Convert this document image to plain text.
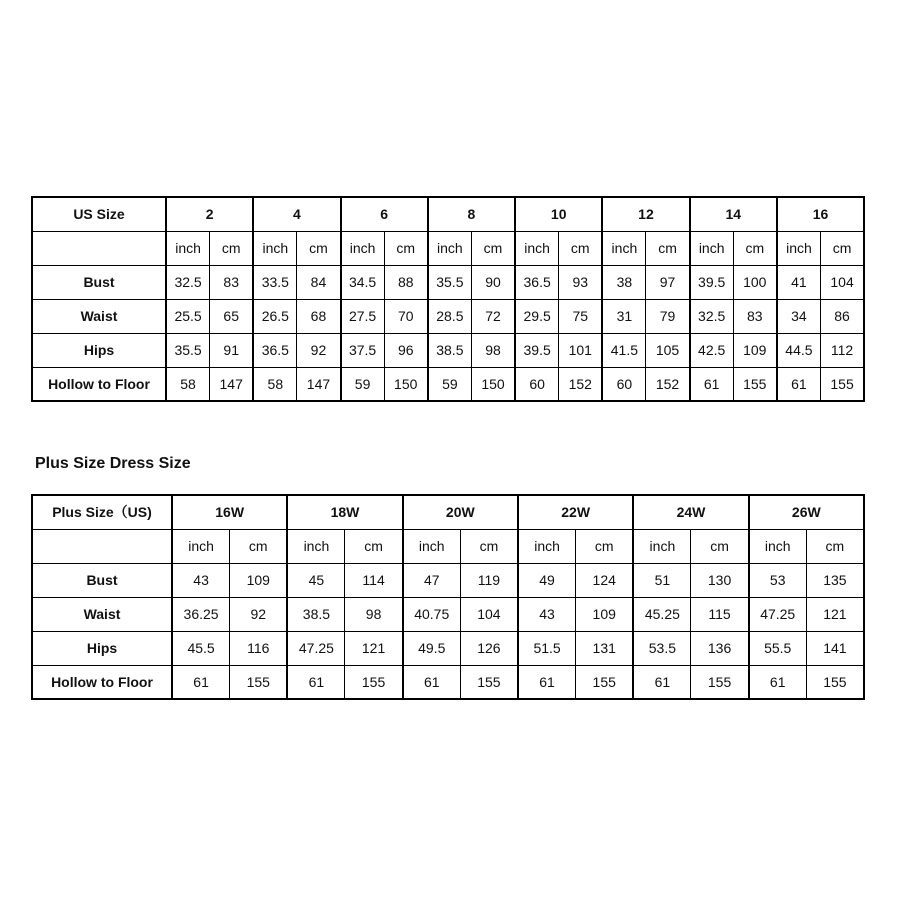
US Size	2		4		6		8		10		12		14		16	
	inch	cm	inch	cm	inch	cm	inch	cm	inch	cm	inch	cm	inch	cm	inch	cm
Bust	32.5	83	33.5	84	34.5	88	35.5	90	36.5	93	38	97	39.5	100	41	104
Waist	25.5	65	26.5	68	27.5	70	28.5	72	29.5	75	31	79	32.5	83	34	86
Hips	35.5	91	36.5	92	37.5	96	38.5	98	39.5	101	41.5	105	42.5	109	44.5	112
Hollow to Floor	58	147	58	147	59	150	59	150	60	152	60	152	61	155	61	155
Plus Size Dress Size
Plus Size（US)	16W		18W		20W		22W		24W		26W	
	inch	cm	inch	cm	inch	cm	inch	cm	inch	cm	inch	cm
Bust	43	109	45	114	47	119	49	124	51	130	53	135
Waist	36.25	92	38.5	98	40.75	104	43	109	45.25	115	47.25	121
Hips	45.5	116	47.25	121	49.5	126	51.5	131	53.5	136	55.5	141
Hollow to Floor	61	155	61	155	61	155	61	155	61	155	61	155
